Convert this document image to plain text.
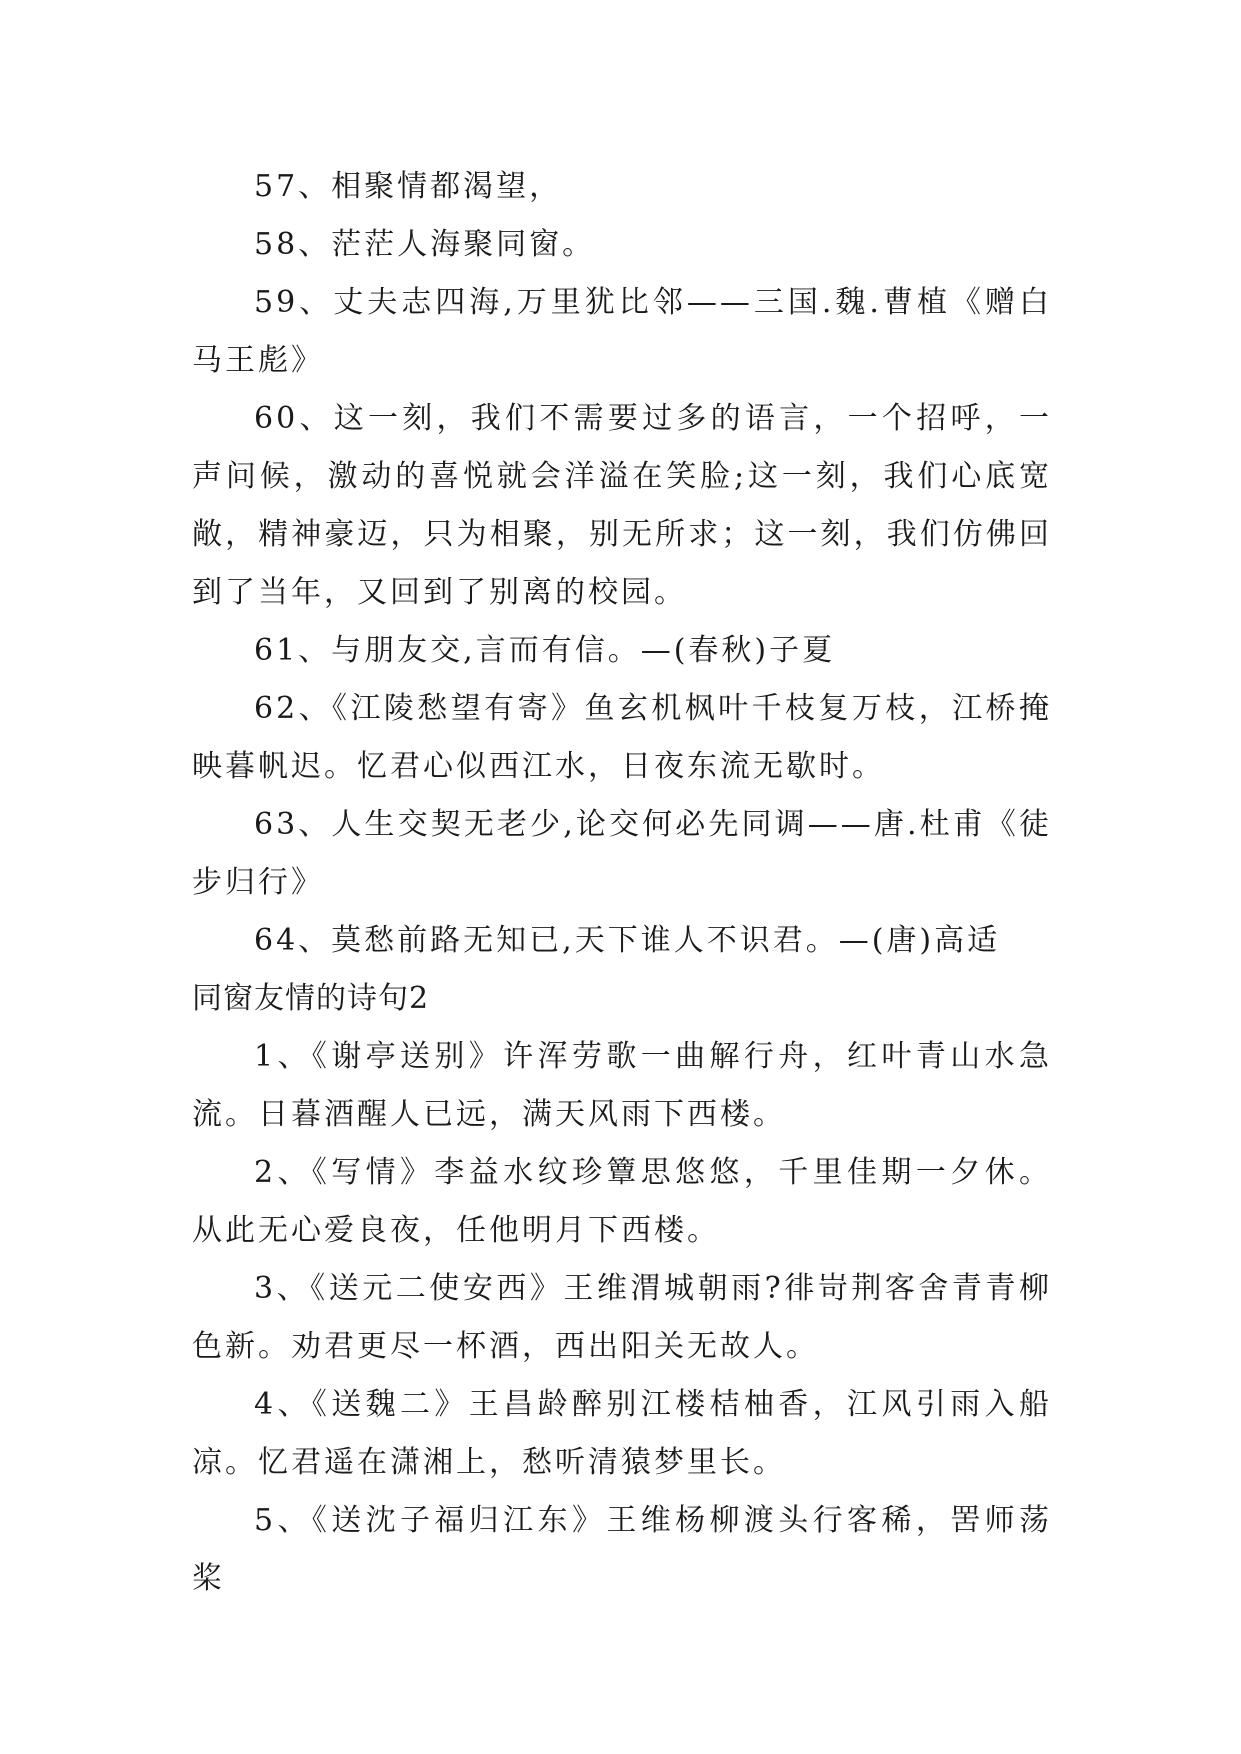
57、相聚情都渴望，

58、茫茫人海聚同窗。

59、丈夫志四海,万里犹比邻——三国.魏.曹植《赠白马王彪》

60、这一刻，我们不需要过多的语言，一个招呼，一声问候，激动的喜悦就会洋溢在笑脸;这一刻，我们心底宽敞，精神豪迈，只为相聚，别无所求；这一刻，我们仿佛回到了当年，又回到了别离的校园。

61、与朋友交,言而有信。—(春秋)子夏

62、《江陵愁望有寄》鱼玄机枫叶千枝复万枝，江桥掩映暮帆迟。忆君心似西江水，日夜东流无歇时。

63、人生交契无老少,论交何必先同调——唐.杜甫《徒步归行》

64、莫愁前路无知已,天下谁人不识君。—(唐)高适

同窗友情的诗句2

1、《谢亭送别》许浑劳歌一曲解行舟，红叶青山水急流。日暮酒醒人已远，满天风雨下西楼。

2、《写情》李益水纹珍簟思悠悠，千里佳期一夕休。从此无心爱良夜，任他明月下西楼。

3、《送元二使安西》王维渭城朝雨?徘岢荆客舍青青柳色新。劝君更尽一杯酒，西出阳关无故人。

4、《送魏二》王昌龄醉别江楼桔柚香，江风引雨入船凉。忆君遥在潇湘上，愁听清猿梦里长。

5、《送沈子福归江东》王维杨柳渡头行客稀，罟师荡桨
